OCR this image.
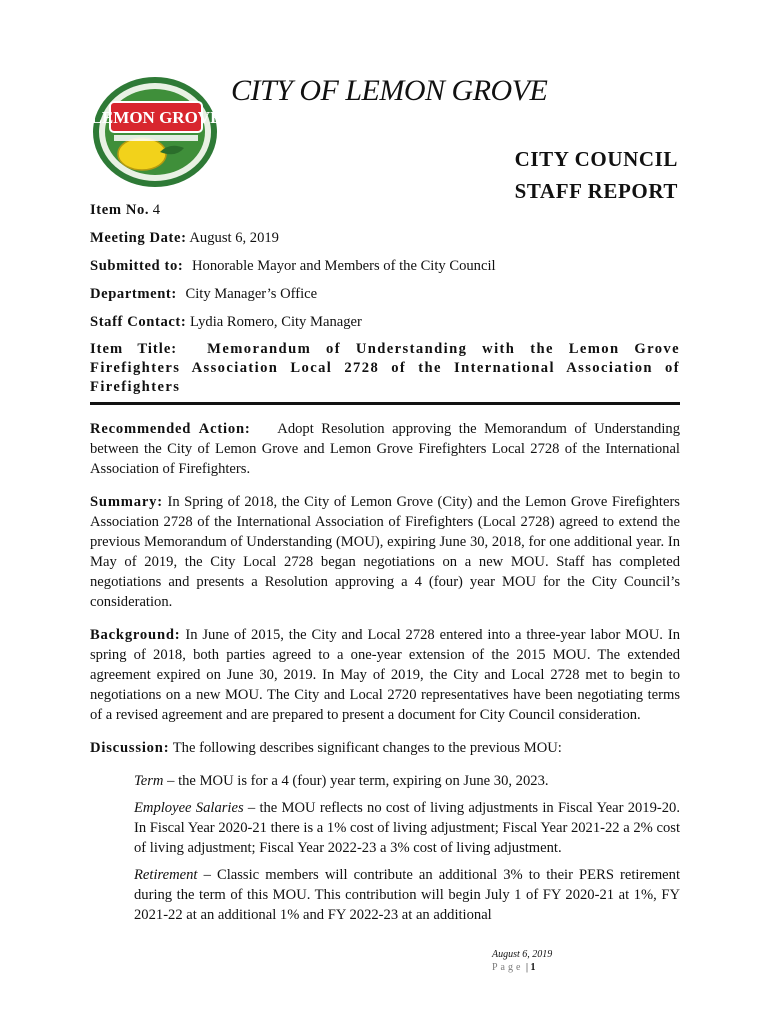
LEMON GROVE
CITY OF LEMON GROVE
CITY COUNCIL
STAFF REPORT
Item No. 4
Meeting Date: August 6, 2019
Submitted to: Honorable Mayor and Members of the City Council
Department: City Manager’s Office
Staff Contact: Lydia Romero, City Manager
Item Title: Memorandum of Understanding with the Lemon Grove Firefighters Association Local 2728 of the International Association of Firefighters

Recommended Action: Adopt Resolution approving the Memorandum of Understanding between the City of Lemon Grove and Lemon Grove Firefighters Local 2728 of the International Association of Firefighters.

Summary: In Spring of 2018, the City of Lemon Grove (City) and the Lemon Grove Firefighters Association 2728 of the International Association of Firefighters (Local 2728) agreed to extend the previous Memorandum of Understanding (MOU), expiring June 30, 2018, for one additional year. In May of 2019, the City Local 2728 began negotiations on a new MOU. Staff has completed negotiations and presents a Resolution approving a 4 (four) year MOU for the City Council’s consideration.

Background: In June of 2015, the City and Local 2728 entered into a three-year labor MOU. In spring of 2018, both parties agreed to a one-year extension of the 2015 MOU. The extended agreement expired on June 30, 2019. In May of 2019, the City and Local 2728 met to begin to negotiations on a new MOU. The City and Local 2720 representatives have been negotiating terms of a revised agreement and are prepared to present a document for City Council consideration.

Discussion: The following describes significant changes to the previous MOU:

Term – the MOU is for a 4 (four) year term, expiring on June 30, 2023.

Employee Salaries – the MOU reflects no cost of living adjustments in Fiscal Year 2019-20. In Fiscal Year 2020-21 there is a 1% cost of living adjustment; Fiscal Year 2021-22 a 2% cost of living adjustment; Fiscal Year 2022-23 a 3% cost of living adjustment.

Retirement – Classic members will contribute an additional 3% to their PERS retirement during the term of this MOU. This contribution will begin July 1 of FY 2020-21 at 1%, FY 2021-22 at an additional 1% and FY 2022-23 at an additional

August 6, 2019
Page | 1
